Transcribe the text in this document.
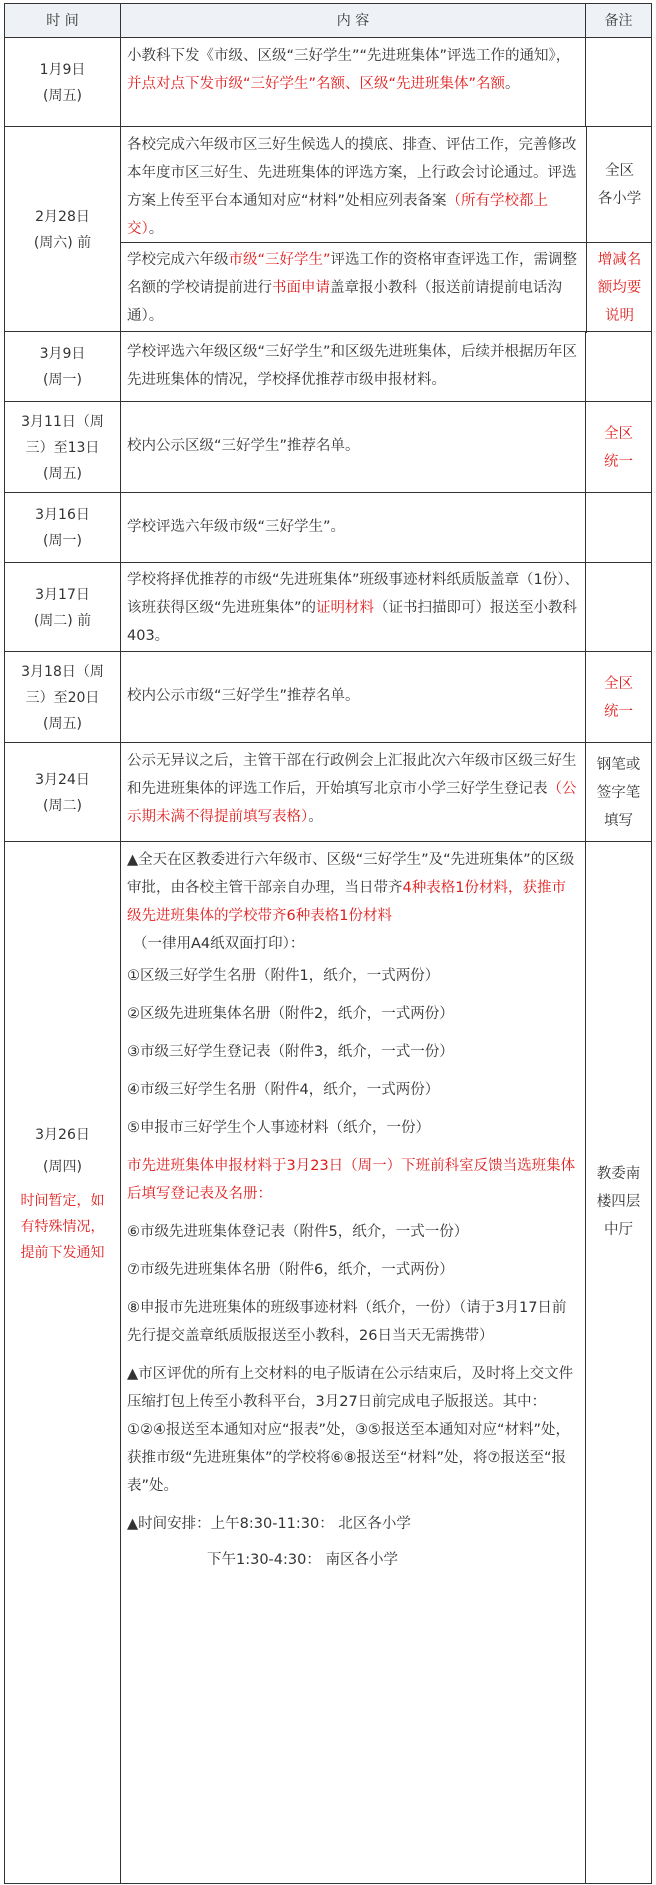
时 间	内 容	备注
1月9日
(周五)
小教科下发《市级、区级“三好学生”“先进班集体”评选工作的通知》，并点对点下发市级“三好学生”名额、区级“先进班集体”名额。
2月28日
(周六) 前
各校完成六年级市区三好生候选人的摸底、排查、评估工作，完善修改本年度市区三好生、先进班集体的评选方案，上行政会讨论通过。评选方案上传至平台本通知对应“材料”处相应列表备案（所有学校都上交）。
全区
各小学
学校完成六年级市级“三好学生”评选工作的资格审查评选工作，需调整名额的学校请提前进行书面申请盖章报小教科（报送前请提前电话沟通）。
增减名
额均要
说明
3月9日
(周一)
学校评选六年级区级“三好学生”和区级先进班集体，后续并根据历年区先进班集体的情况，学校择优推荐市级申报材料。
3月11日（周
三）至13日
(周五)
校内公示区级“三好学生”推荐名单。
全区
统一
3月16日
(周一)
学校评选六年级市级“三好学生”。
3月17日
(周二) 前
学校将择优推荐的市级“先进班集体”班级事迹材料纸质版盖章（1份）、该班获得区级“先进班集体”的证明材料（证书扫描即可）报送至小教科403。
3月18日（周
三）至20日
(周五)
校内公示市级“三好学生”推荐名单。
全区
统一
3月24日
(周二)
公示无异议之后，主管干部在行政例会上汇报此次六年级市区级三好生和先进班集体的评选工作后，开始填写北京市小学三好学生登记表（公示期未满不得提前填写表格）。
钢笔或
签字笔
填写
3月26日
(周四)
时间暂定，如
有特殊情况，
提前下发通知
▲全天在区教委进行六年级市、区级“三好学生”及“先进班集体”的区级审批，由各校主管干部亲自办理，当日带齐4种表格1份材料，获推市级先进班集体的学校带齐6种表格1份材料
（一律用A4纸双面打印）：
①区级三好学生名册（附件1，纸介，一式两份）
②区级先进班集体名册（附件2，纸介，一式两份）
③市级三好学生登记表（附件3，纸介，一式一份）
④市级三好学生名册（附件4，纸介，一式两份）
⑤申报市三好学生个人事迹材料（纸介，一份）
市先进班集体申报材料于3月23日（周一）下班前科室反馈当选班集体后填写登记表及名册：
⑥市级先进班集体登记表（附件5，纸介，一式一份）
⑦市级先进班集体名册（附件6，纸介，一式两份）
⑧申报市先进班集体的班级事迹材料（纸介，一份）（请于3月17日前先行提交盖章纸质版报送至小教科，26日当天无需携带）
▲市区评优的所有上交材料的电子版请在公示结束后，及时将上交文件压缩打包上传至小教科平台，3月27日前完成电子版报送。其中：①②④报送至本通知对应“报表”处，③⑤报送至本通知对应“材料”处，获推市级“先进班集体”的学校将⑥⑧报送至“材料”处，将⑦报送至“报表”处。
▲时间安排：上午8:30-11:30： 北区各小学
下午1:30-4:30： 南区各小学
教委南
楼四层
中厅
